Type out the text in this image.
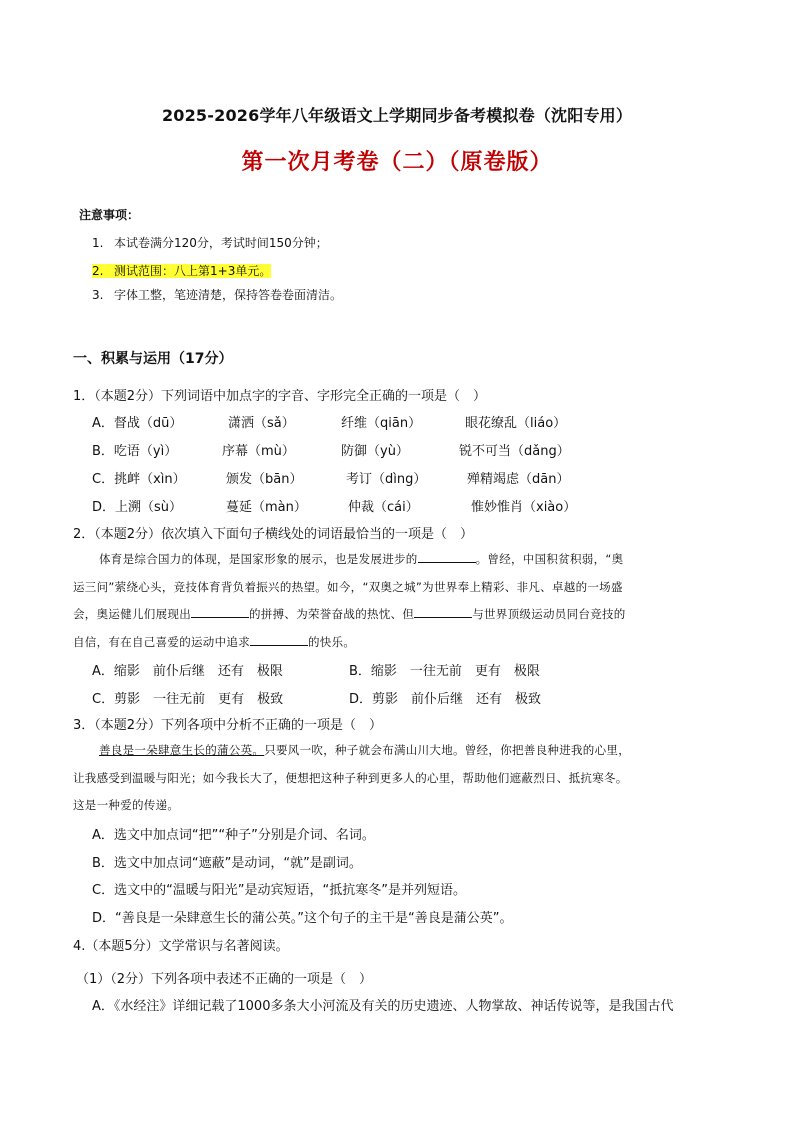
2025-2026学年八年级语文上学期同步备考模拟卷（沈阳专用）
第一次月考卷（二）（原卷版）
注意事项：
1. 本试卷满分120分，考试时间150分钟；
2. 测试范围：八上第1+3单元。
3. 字体工整，笔迹清楚，保持答卷卷面清洁。
一、积累与运用（17分）
1．（本题2分）下列词语中加点字的字音、字形完全正确的一项是（　）
A．督战（dū）	潇洒（sǎ）	纤维（qiān）	眼花缭乱（liáo）
B．吃语（yì）	序幕（mù）	防御（yù）	锐不可当（dǎng）
C．挑衅（xìn）	颁发（bān）	考订（dìng）	殚精竭虑（dān）
D．上溯（sù）	蔓延（màn）	仲裁（cái）	惟妙惟肖（xiào）
2．（本题2分）依次填入下面句子横线处的词语最恰当的一项是（　）
体育是综合国力的体现，是国家形象的展示，也是发展进步的	。曾经，中国积贫积弱，“奥
运三问”萦绕心头，竞技体育背负着振兴的热望。如今，“双奥之城”为世界奉上精彩、非凡、卓越的一场盛
会，奥运健儿们展现出	的拼搏、为荣誉奋战的热忱、但	与世界顶级运动员同台竞技的
自信，有在自己喜爱的运动中追求	的快乐。
A．缩影　前仆后继　还有　极限	B．缩影　一往无前　更有　极限
C．剪影　一往无前　更有　极致	D．剪影　前仆后继　还有　极致
3．（本题2分）下列各项中分析不正确的一项是（　）
善良是一朵肆意生长的蒲公英。只要风一吹，种子就会布满山川大地。曾经，你把善良种进我的心里，
让我感受到温暖与阳光；如今我长大了，便想把这种子种到更多人的心里，帮助他们遮蔽烈日、抵抗寒冬。
这是一种爱的传递。
A．选文中加点词“把”“种子”分别是介词、名词。
B．选文中加点词“遮蔽”是动词，“就”是副词。
C．选文中的“温暖与阳光”是动宾短语，“抵抗寒冬”是并列短语。
D．“善良是一朵肆意生长的蒲公英。”这个句子的主干是“善良是蒲公英”。
4.（本题5分）文学常识与名著阅读。
（1）（2分）下列各项中表述不正确的一项是（　）
A．《水经注》详细记载了1000多条大小河流及有关的历史遗迹、人物掌故、神话传说等，是我国古代
